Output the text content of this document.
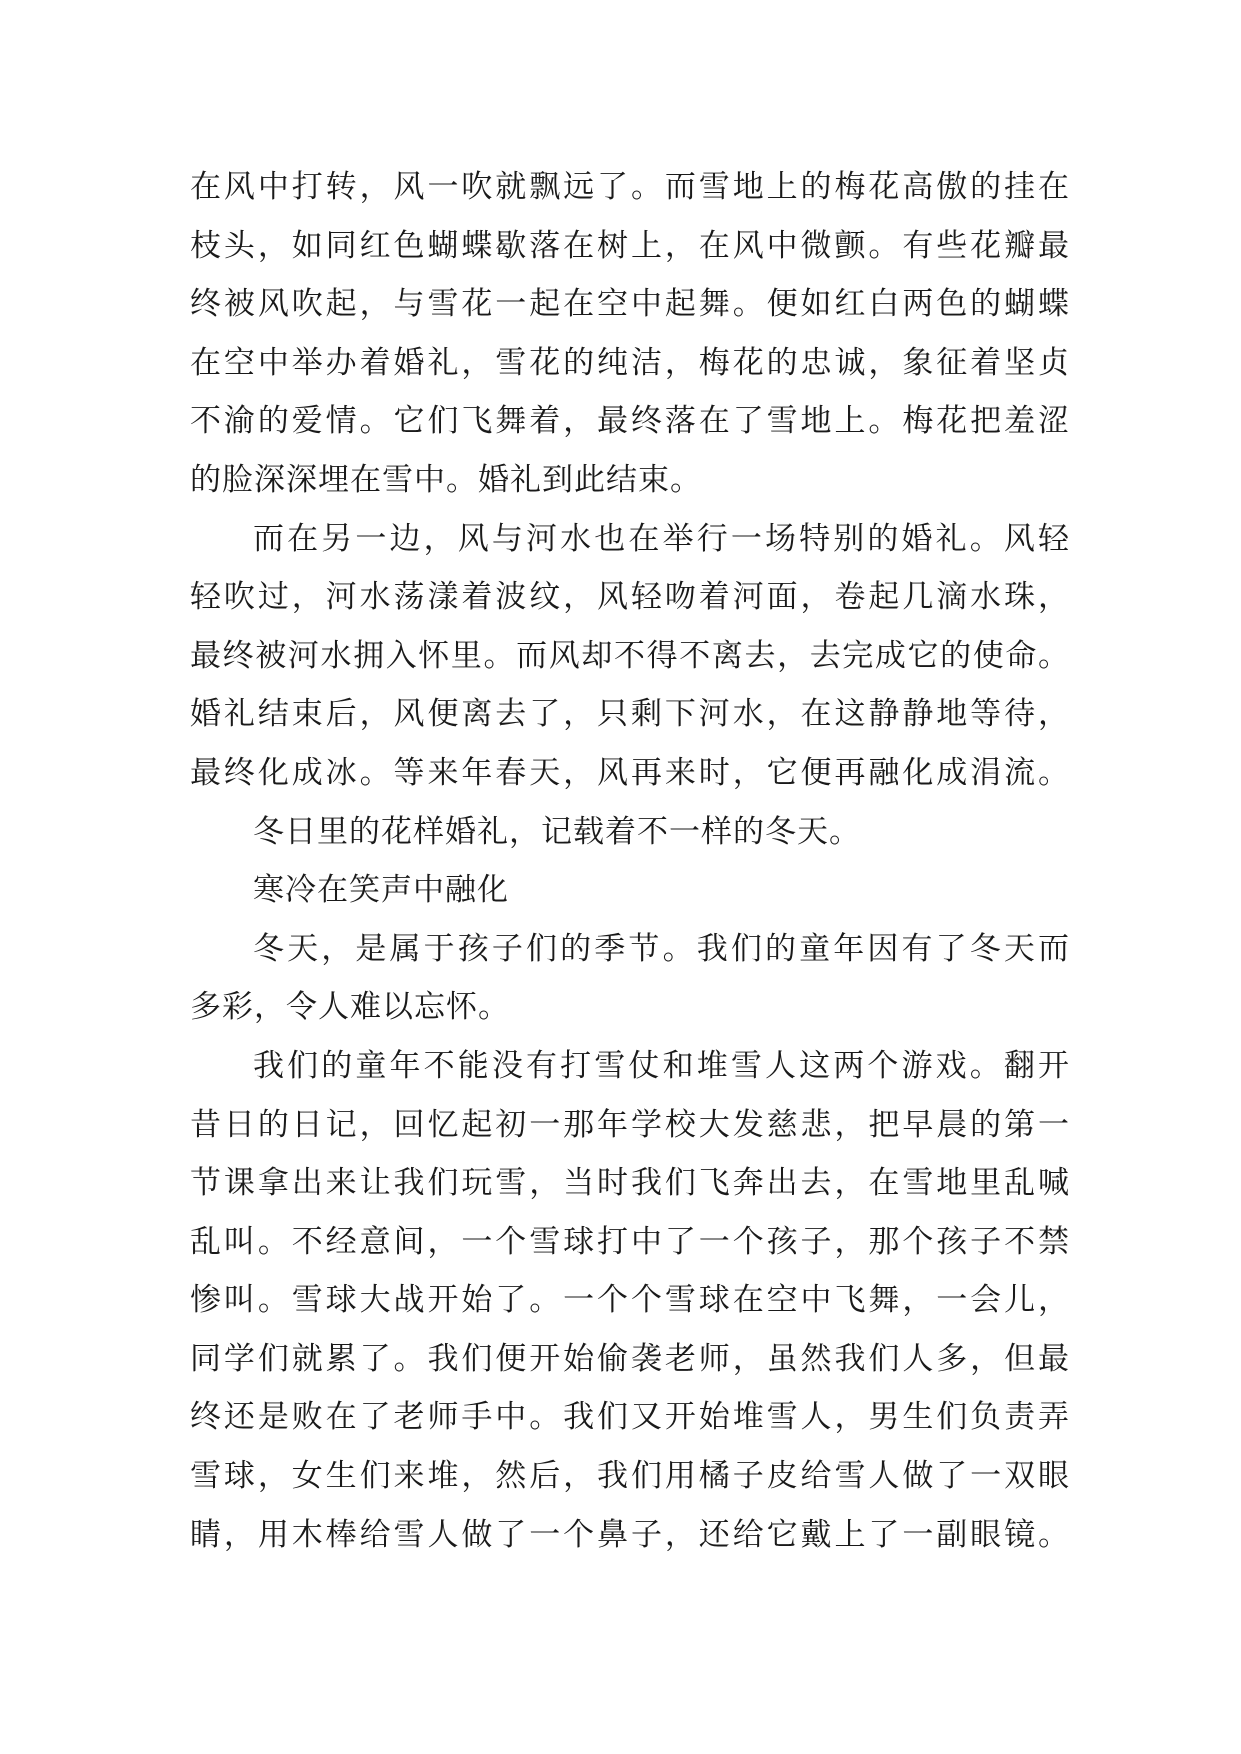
在风中打转，风一吹就飘远了。而雪地上的梅花高傲的挂在
枝头，如同红色蝴蝶歇落在树上，在风中微颤。有些花瓣最
终被风吹起，与雪花一起在空中起舞。便如红白两色的蝴蝶
在空中举办着婚礼，雪花的纯洁，梅花的忠诚，象征着坚贞
不渝的爱情。它们飞舞着，最终落在了雪地上。梅花把羞涩
的脸深深埋在雪中。婚礼到此结束。
而在另一边，风与河水也在举行一场特别的婚礼。风轻
轻吹过，河水荡漾着波纹，风轻吻着河面，卷起几滴水珠，
最终被河水拥入怀里。而风却不得不离去，去完成它的使命。
婚礼结束后，风便离去了，只剩下河水，在这静静地等待，
最终化成冰。等来年春天，风再来时，它便再融化成涓流。
冬日里的花样婚礼，记载着不一样的冬天。
寒冷在笑声中融化
冬天，是属于孩子们的季节。我们的童年因有了冬天而
多彩，令人难以忘怀。
我们的童年不能没有打雪仗和堆雪人这两个游戏。翻开
昔日的日记，回忆起初一那年学校大发慈悲，把早晨的第一
节课拿出来让我们玩雪，当时我们飞奔出去，在雪地里乱喊
乱叫。不经意间，一个雪球打中了一个孩子，那个孩子不禁
惨叫。雪球大战开始了。一个个雪球在空中飞舞，一会儿，
同学们就累了。我们便开始偷袭老师，虽然我们人多，但最
终还是败在了老师手中。我们又开始堆雪人，男生们负责弄
雪球，女生们来堆，然后，我们用橘子皮给雪人做了一双眼
睛，用木棒给雪人做了一个鼻子，还给它戴上了一副眼镜。
